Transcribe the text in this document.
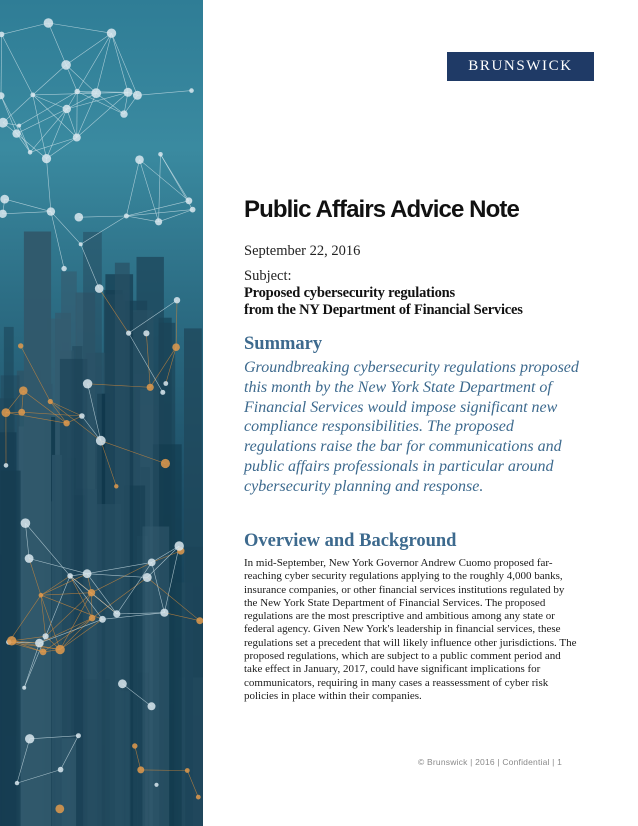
BRUNSWICK
Public Affairs Advice Note
September 22, 2016
Subject:
Proposed cybersecurity regulations
from the NY Department of Financial Services
Summary
Groundbreaking cybersecurity regulations proposed this month by the New York State Department of Financial Services would impose significant new compliance responsibilities. The proposed regulations raise the bar for communications and public affairs professionals in particular around cybersecurity planning and response.
Overview and Background
In mid-September, New York Governor Andrew Cuomo proposed far-reaching cyber security regulations applying to the roughly 4,000 banks, insurance companies, or other financial services institutions regulated by the New York State Department of Financial Services. The proposed regulations are the most prescriptive and ambitious among any state or federal agency. Given New York's leadership in financial services, these regulations set a precedent that will likely influence other jurisdictions. The proposed regulations, which are subject to a public comment period and take effect in January, 2017, could have significant implications for communicators, requiring in many cases a reassessment of cyber risk policies in place within their companies.
© Brunswick | 2016 | Confidential | 1
